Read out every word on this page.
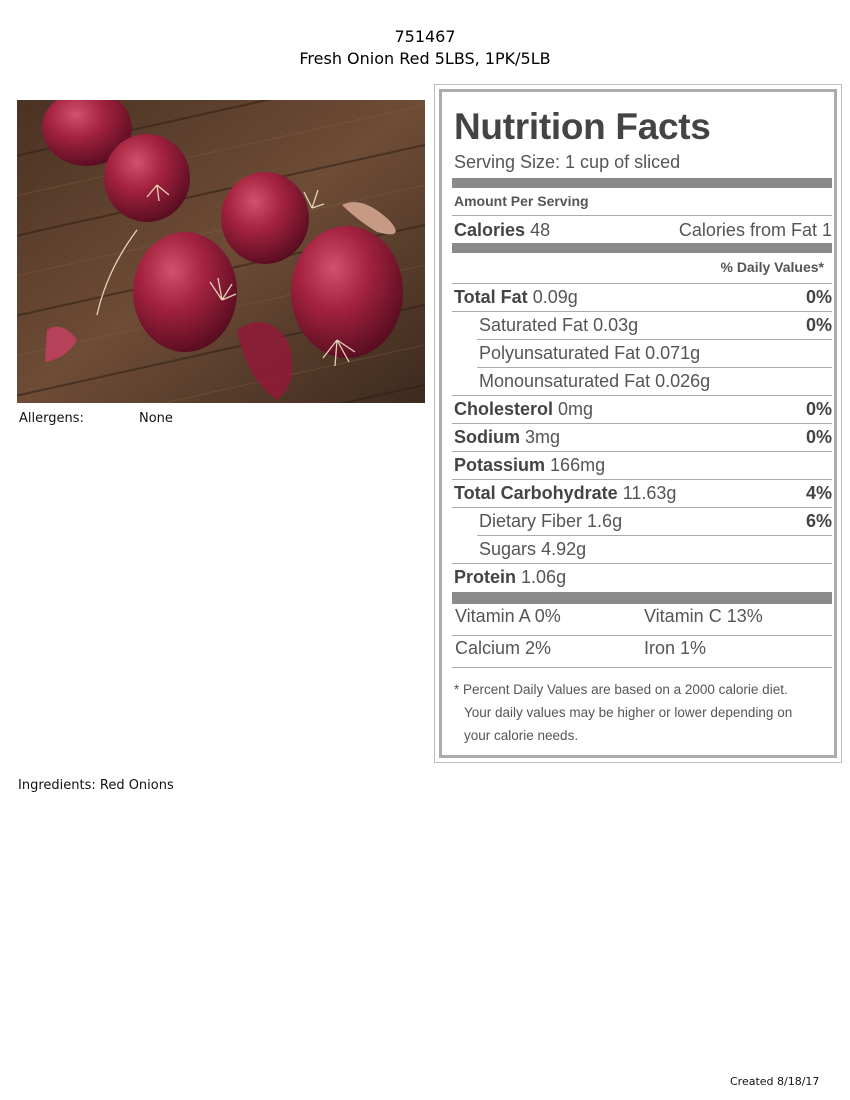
751467
Fresh Onion Red 5LBS, 1PK/5LB
Allergens:	None
Ingredients: Red Onions
Created 8/18/17
Nutrition Facts
Serving Size: 1 cup of sliced
Amount Per Serving
Calories 48	Calories from Fat 1
% Daily Values*
Total Fat 0.09g	0%
Saturated Fat 0.03g	0%
Polyunsaturated Fat 0.071g
Monounsaturated Fat 0.026g
Cholesterol 0mg	0%
Sodium 3mg	0%
Potassium 166mg
Total Carbohydrate 11.63g	4%
Dietary Fiber 1.6g	6%
Sugars 4.92g
Protein 1.06g
Vitamin A 0%	Vitamin C 13%
Calcium 2%	Iron 1%
* Percent Daily Values are based on a 2000 calorie diet.
Your daily values may be higher or lower depending on
your calorie needs.
